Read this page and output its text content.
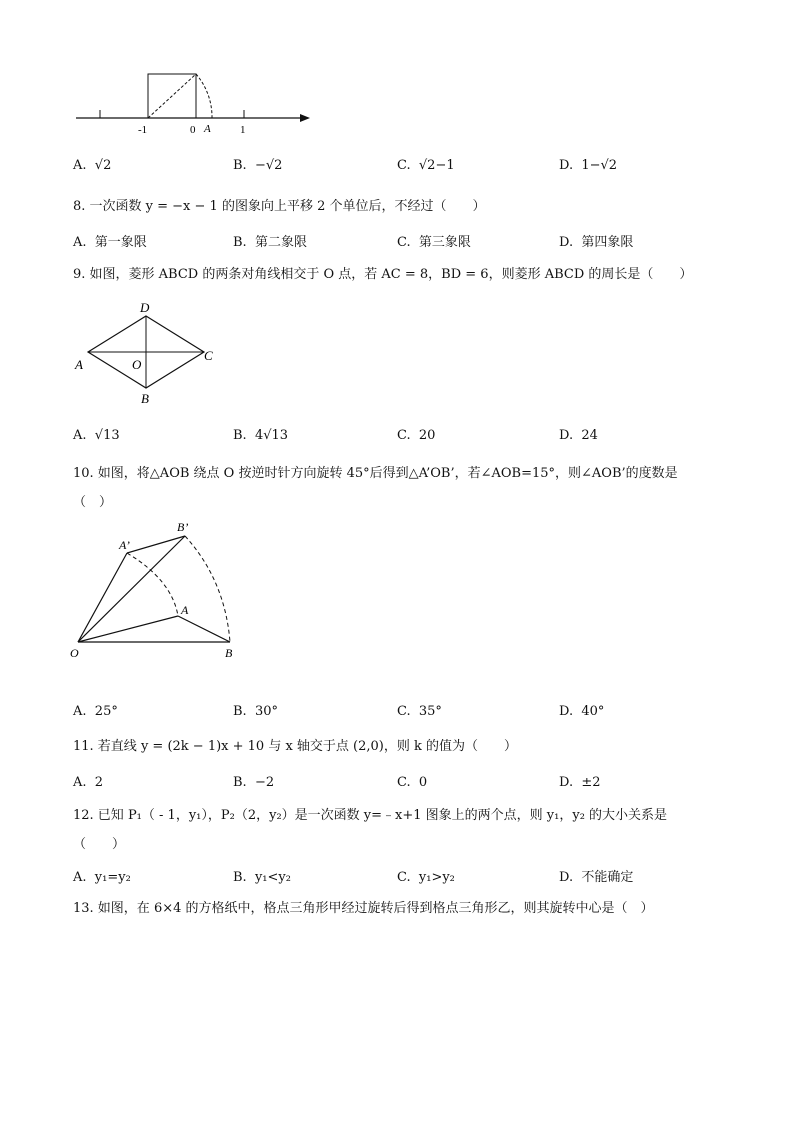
-1	0 A	1
A. √2	B. −√2	C. √2−1	D. 1−√2
8. 一次函数 y = −x − 1 的图象向上平移 2 个单位后，不经过（　　）
A. 第一象限	B. 第二象限	C. 第三象限	D. 第四象限
9. 如图，菱形 ABCD 的两条对角线相交于 O 点，若 AC = 8，BD = 6，则菱形 ABCD 的周长是（　　）
D
A	O
C
B
A. √13	B. 4√13	C. 20	D. 24
10. 如图，将△AOB 绕点 O 按逆时针方向旋转 45°后得到△A’OB’，若∠AOB=15°，则∠AOB’的度数是
（　）
B’
A’
A
O	B
A. 25°	B. 30°	C. 35°	D. 40°
11. 若直线 y = (2k − 1)x + 10 与 x 轴交于点 (2,0)，则 k 的值为（　　）
A. 2	B. −2	C. 0	D. ±2
12. 已知 P₁（ - 1，y₁），P₂（2，y₂）是一次函数 y=﹣x+1 图象上的两个点，则 y₁，y₂ 的大小关系是
（　　）
A. y₁=y₂	B. y₁<y₂	C. y₁>y₂	D. 不能确定
13. 如图，在 6×4 的方格纸中，格点三角形甲经过旋转后得到格点三角形乙，则其旋转中心是（　）
